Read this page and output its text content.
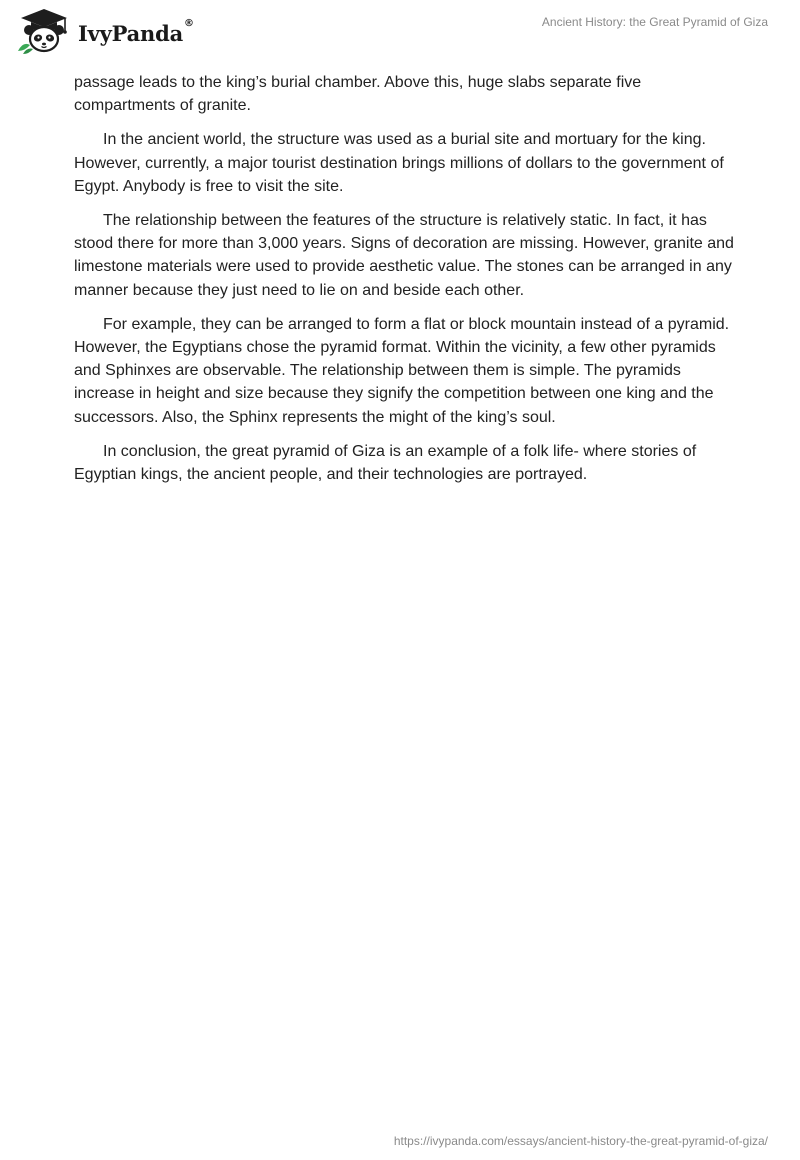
IvyPanda®	Ancient History: the Great Pyramid of Giza

passage leads to the king’s burial chamber. Above this, huge slabs separate five compartments of granite.

In the ancient world, the structure was used as a burial site and mortuary for the king. However, currently, a major tourist destination brings millions of dollars to the government of Egypt. Anybody is free to visit the site.

The relationship between the features of the structure is relatively static. In fact, it has stood there for more than 3,000 years. Signs of decoration are missing. However, granite and limestone materials were used to provide aesthetic value. The stones can be arranged in any manner because they just need to lie on and beside each other.

For example, they can be arranged to form a flat or block mountain instead of a pyramid. However, the Egyptians chose the pyramid format. Within the vicinity, a few other pyramids and Sphinxes are observable. The relationship between them is simple. The pyramids increase in height and size because they signify the competition between one king and the successors. Also, the Sphinx represents the might of the king’s soul.

In conclusion, the great pyramid of Giza is an example of a folk life- where stories of Egyptian kings, the ancient people, and their technologies are portrayed.

https://ivypanda.com/essays/ancient-history-the-great-pyramid-of-giza/
